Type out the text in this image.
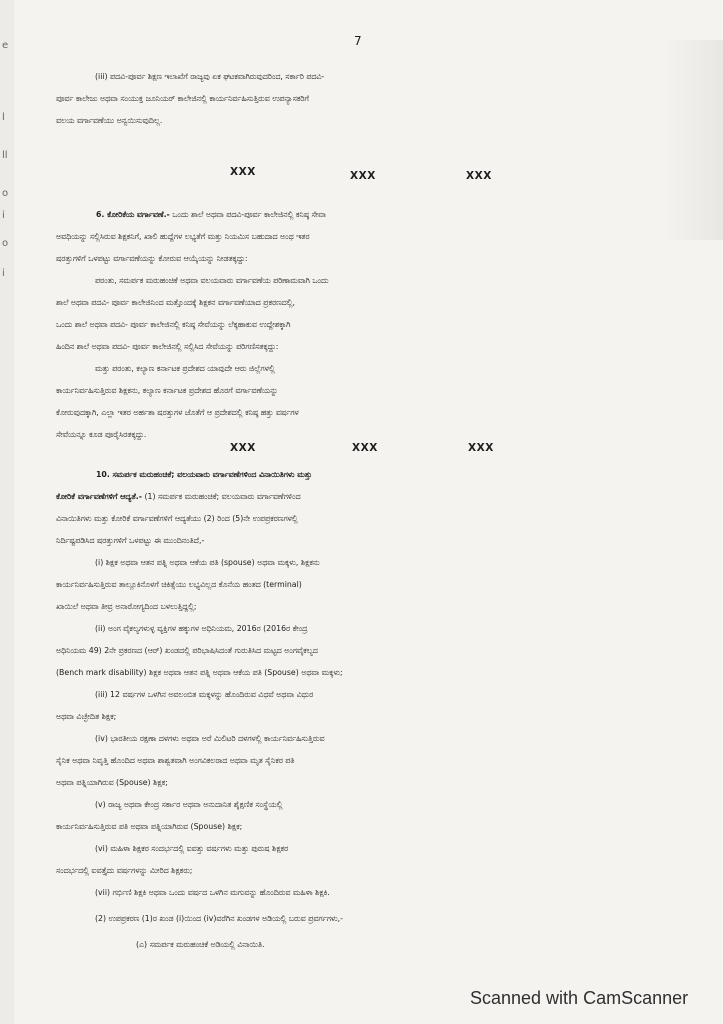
e
l
ll
o
i
o
i
7
(iii) ಪದವಿ-ಪೂರ್ವ ಶಿಕ್ಷಣ ಇಲಾಖೆಗೆ ರಾಜ್ಯವು ಏಕ ಘಟಕವಾಗಿರುವುದರಿಂದ, ಸರ್ಕಾರಿ ಪದವಿ-
ಪೂರ್ವ ಕಾಲೇಜು ಅಥವಾ ಸಂಯುಕ್ತ ಜೂನಿಯರ್ ಕಾಲೇಜಿನಲ್ಲಿ ಕಾರ್ಯನಿರ್ವಹಿಸುತ್ತಿರುವ ಉಪನ್ಯಾಸಕರಿಗೆ
ವಲಯ ವರ್ಗಾವಣೆಯು ಅನ್ವಯಿಸುವುದಿಲ್ಲ.
XXX	XXX	XXX
6. ಕೋರಿಕೆಯ ವರ್ಗಾವಣೆ.- ಒಂದು ಶಾಲೆ ಅಥವಾ ಪದವಿ-ಪೂರ್ವ ಕಾಲೇಜಿನಲ್ಲಿ ಕನಿಷ್ಠ ಸೇವಾ
ಅವಧಿಯನ್ನು ಸಲ್ಲಿಸಿರುವ ಶಿಕ್ಷಕನಿಗೆ, ಖಾಲಿ ಹುದ್ದೆಗಳ ಲಭ್ಯತೆಗೆ ಮತ್ತು ನಿಯಮಿಸ ಬಹುದಾದ ಅಂಥ ಇತರ
ಷರತ್ತುಗಳಿಗೆ ಒಳಪಟ್ಟು ವರ್ಗಾವಣೆಯನ್ನು ಕೋರುವ ಆಯ್ಕೆಯನ್ನು ನೀಡತಕ್ಕದ್ದು:
ಪರಂತು, ಸಮರ್ಪಕ ಮರುಹಂಚಿಕೆ ಅಥವಾ ವಲಯವಾರು ವರ್ಗಾವಣೆಯ ಪರಿಣಾಮವಾಗಿ ಒಂದು
ಶಾಲೆ ಅಥವಾ ಪದವಿ- ಪೂರ್ವ ಕಾಲೇಜಿನಿಂದ ಮತ್ತೊಂದಕ್ಕೆ ಶಿಕ್ಷಕನ ವರ್ಗಾವಣೆಯಾದ ಪ್ರಕರಣದಲ್ಲಿ,
ಒಂದು ಶಾಲೆ ಅಥವಾ ಪದವಿ- ಪೂರ್ವ ಕಾಲೇಜಿನಲ್ಲಿ ಕನಿಷ್ಠ ಸೇವೆಯನ್ನು ಲೆಕ್ಕಹಾಕುವ ಉದ್ದೇಶಕ್ಕಾಗಿ
ಹಿಂದಿನ ಶಾಲೆ ಅಥವಾ ಪದವಿ- ಪೂರ್ವ ಕಾಲೇಜಿನಲ್ಲಿ ಸಲ್ಲಿಸಿದ ಸೇವೆಯನ್ನು ಪರಿಗಣಿಸತಕ್ಕದ್ದು:
ಮತ್ತು ಪರಂತು, ಕಲ್ಯಾಣ ಕರ್ನಾಟಕ ಪ್ರದೇಶದ ಯಾವುದೇ ಆರು ಜಿಲ್ಲೆಗಳಲ್ಲಿ
ಕಾರ್ಯನಿರ್ವಹಿಸುತ್ತಿರುವ ಶಿಕ್ಷಕನು, ಕಲ್ಯಾಣ ಕರ್ನಾಟಕ ಪ್ರದೇಶದ ಹೊರಗೆ ವರ್ಗಾವಣೆಯನ್ನು
ಕೋರುವುದಕ್ಕಾಗಿ, ಎಲ್ಲಾ ಇತರ ಅರ್ಹತಾ ಷರತ್ತುಗಳ ಜೊತೆಗೆ ಆ ಪ್ರದೇಶದಲ್ಲಿ ಕನಿಷ್ಠ ಹತ್ತು ವರ್ಷಗಳ
ಸೇವೆಯನ್ನೂ ಕೂಡ ಪೂರೈಸಿರತಕ್ಕದ್ದು.
XXX	XXX	XXX
10. ಸಮರ್ಪಕ ಮರುಹಂಚಿಕೆ; ವಲಯವಾರು ವರ್ಗಾವಣೆಗಳಿಂದ ವಿನಾಯಿತಿಗಳು ಮತ್ತು
ಕೋರಿಕೆ ವರ್ಗಾವಣೆಗಳಿಗೆ ಆದ್ಯತೆ.- (1) ಸಮರ್ಪಕ ಮರುಹಂಚಿಕೆ; ವಲಯವಾರು ವರ್ಗಾವಣೆಗಳಿಂದ
ವಿನಾಯಿತಿಗಳು ಮತ್ತು ಕೋರಿಕೆ ವರ್ಗಾವಣೆಗಳಿಗೆ ಆದ್ಯತೆಯು (2) ರಿಂದ (5)ನೇ ಉಪಪ್ರಕರಣಗಳಲ್ಲಿ
ನಿರ್ದಿಷ್ಟಪಡಿಸಿದ ಷರತ್ತುಗಳಿಗೆ ಒಳಪಟ್ಟು ಈ ಮುಂದಿನಂತಿದೆ,-
(i) ಶಿಕ್ಷಕ ಅಥವಾ ಆತನ ಪತ್ನಿ ಅಥವಾ ಆಕೆಯ ಪತಿ (spouse) ಅಥವಾ ಮಕ್ಕಳು, ಶಿಕ್ಷಕನು
ಕಾರ್ಯನಿರ್ವಹಿಸುತ್ತಿರುವ ತಾಲ್ಲೂಕಿನೊಳಗೆ ಚಿಕಿತ್ಸೆಯು ಲಭ್ಯವಿಲ್ಲದ ಕೊನೆಯ ಹಂತದ (terminal)
ಖಾಯಿಲೆ ಅಥವಾ ತೀವ್ರ ಅನಾರೋಗ್ಯದಿಂದ ಬಳಲುತ್ತಿದ್ದಲ್ಲಿ;
(ii) ಅಂಗ ವೈಕಲ್ಯಗಳುಳ್ಳ ವ್ಯಕ್ತಿಗಳ ಹಕ್ಕುಗಳ ಅಧಿನಿಯಮ, 2016ರ (2016ರ ಕೇಂದ್ರ
ಅಧಿನಿಯಮ 49) 2ನೇ ಪ್ರಕರಣದ (ಆರ್) ಖಂಡದಲ್ಲಿ ಪರಿಭಾಷಿಸಿದಂತೆ ಗುರುತಿಸಿದ ಮಟ್ಟದ ಅಂಗವೈಕಲ್ಯದ
(Bench mark disability) ಶಿಕ್ಷಕ ಅಥವಾ ಆತನ ಪತ್ನಿ ಅಥವಾ ಆಕೆಯ ಪತಿ (Spouse) ಅಥವಾ ಮಕ್ಕಳು;
(iii) 12 ವರ್ಷಗಳ ಒಳಗಿನ ಅವಲಂಬಿತ ಮಕ್ಕಳನ್ನು ಹೊಂದಿರುವ ವಿಧವೆ ಅಥವಾ ವಿಧುರ
ಅಥವಾ ವಿಚ್ಛೇದಿತ ಶಿಕ್ಷಕ;
(iv) ಭಾರತೀಯ ರಕ್ಷಣಾ ದಳಗಳು ಅಥವಾ ಅರೆ ಮಿಲಿಟರಿ ದಳಗಳಲ್ಲಿ ಕಾರ್ಯನಿರ್ವಹಿಸುತ್ತಿರುವ
ಸೈನಿಕ ಅಥವಾ ನಿವೃತ್ತಿ ಹೊಂದಿದ ಅಥವಾ ಶಾಶ್ವತವಾಗಿ ಅಂಗವಿಕಲರಾದ ಅಥವಾ ಮೃತ ಸೈನಿಕರ ಪತಿ
ಅಥವಾ ಪತ್ನಿಯಾಗಿರುವ (Spouse) ಶಿಕ್ಷಕ;
(v) ರಾಜ್ಯ ಅಥವಾ ಕೇಂದ್ರ ಸರ್ಕಾರ ಅಥವಾ ಅನುದಾನಿತ ಶೈಕ್ಷಣಿಕ ಸಂಸ್ಥೆಯಲ್ಲಿ
ಕಾರ್ಯನಿರ್ವಹಿಸುತ್ತಿರುವ ಪತಿ ಅಥವಾ ಪತ್ನಿಯಾಗಿರುವ (Spouse) ಶಿಕ್ಷಕ;
(vi) ಮಹಿಳಾ ಶಿಕ್ಷಕರ ಸಂದರ್ಭದಲ್ಲಿ ಐವತ್ತು ವರ್ಷಗಳು ಮತ್ತು ಪುರುಷ ಶಿಕ್ಷಕರ
ಸಂದರ್ಭದಲ್ಲಿ ಐವತ್ತೈದು ವರ್ಷಗಳನ್ನು ಮೀರಿದ ಶಿಕ್ಷಕರು;
(vii) ಗರ್ಭಿಣಿ ಶಿಕ್ಷಕಿ ಅಥವಾ ಒಂದು ವರ್ಷದ ಒಳಗಿನ ಮಗುವನ್ನು ಹೊಂದಿರುವ ಮಹಿಳಾ ಶಿಕ್ಷಕಿ.
(2) ಉಪಪ್ರಕರಣ (1)ರ ಖಂಡ (i)ಯಿಂದ (iv)ವರೆಗಿನ ಖಂಡಗಳ ಅಡಿಯಲ್ಲಿ ಬರುವ ಪ್ರವರ್ಗಗಳು,-
(ಎ) ಸಮರ್ಪಕ ಮರುಹಂಚಿಕೆ ಅಡಿಯಲ್ಲಿ ವಿನಾಯಿತಿ.
Scanned with CamScanner
